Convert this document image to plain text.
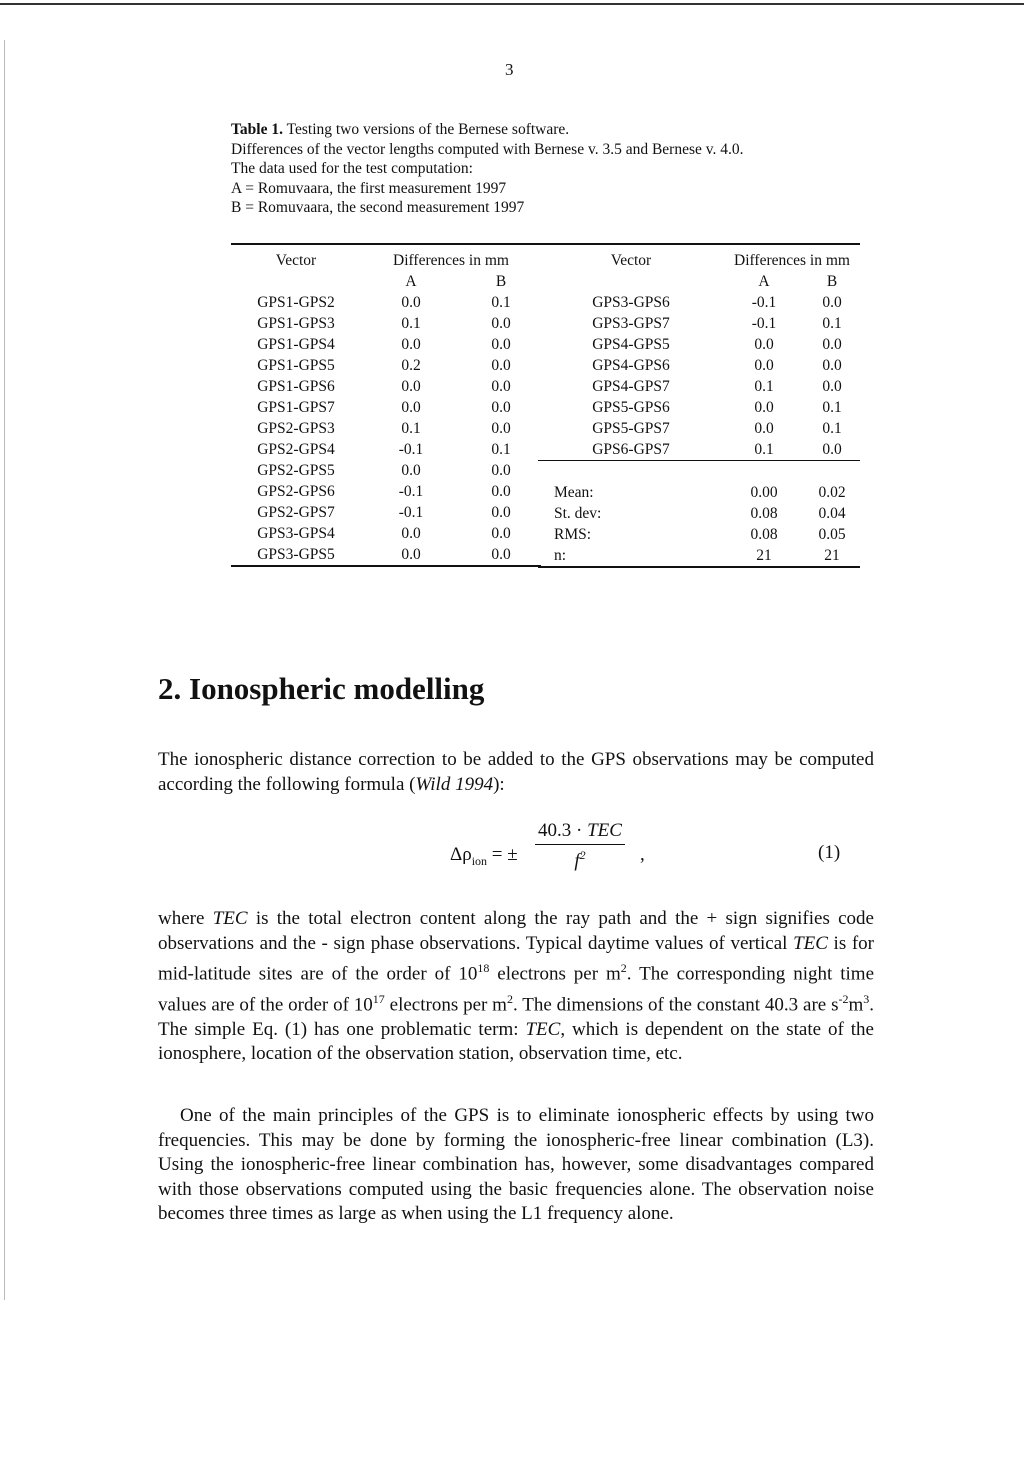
3
Table 1. Testing two versions of the Bernese software.
Differences of the vector lengths computed with Bernese v. 3.5 and Bernese v. 4.0.
The data used for the test computation:
A = Romuvaara, the first measurement 1997
B = Romuvaara, the second measurement 1997
Vector	Differences in mm	
	A	B
GPS1-GPS2	0.0	0.1
GPS1-GPS3	0.1	0.0
GPS1-GPS4	0.0	0.0
GPS1-GPS5	0.2	0.0
GPS1-GPS6	0.0	0.0
GPS1-GPS7	0.0	0.0
GPS2-GPS3	0.1	0.0
GPS2-GPS4	-0.1	0.1
GPS2-GPS5	0.0	0.0
GPS2-GPS6	-0.1	0.0
GPS2-GPS7	-0.1	0.0
GPS3-GPS4	0.0	0.0
GPS3-GPS5	0.0	0.0
Vector	Differences in mm	
	A	B
GPS3-GPS6	-0.1	0.0
GPS3-GPS7	-0.1	0.1
GPS4-GPS5	0.0	0.0
GPS4-GPS6	0.0	0.0
GPS4-GPS7	0.1	0.0
GPS5-GPS6	0.0	0.1
GPS5-GPS7	0.0	0.1
GPS6-GPS7	0.1	0.0

Mean:	0.00	0.02
St. dev:	0.08	0.04
RMS:	0.08	0.05
n:	21	21
2. Ionospheric modelling

The ionospheric distance correction to be added to the GPS observations may be computed according the following formula (Wild 1994):

$\Delta\rho_{ion}$ = ±
40.3 · TEC
$f^2$	,	(1)

where TEC is the total electron content along the ray path and the + sign signifies code observations and the - sign phase observations. Typical daytime values of vertical TEC is for mid-latitude sites are of the order of $10^{18}$ electrons per $m^2$. The corresponding night time values are of the order of $10^{17}$ electrons per $m^2$. The dimensions of the constant 40.3 are $s^{-2}m^3$. The simple Eq. (1) has one problematic term: TEC, which is dependent on the state of the ionosphere, location of the observation station, observation time, etc.

One of the main principles of the GPS is to eliminate ionospheric effects by using two frequencies. This may be done by forming the ionospheric-free linear combination (L3). Using the ionospheric-free linear combination has, however, some disadvantages compared with those observations computed using the basic frequencies alone. The observation noise becomes three times as large as when using the L1 frequency alone.
